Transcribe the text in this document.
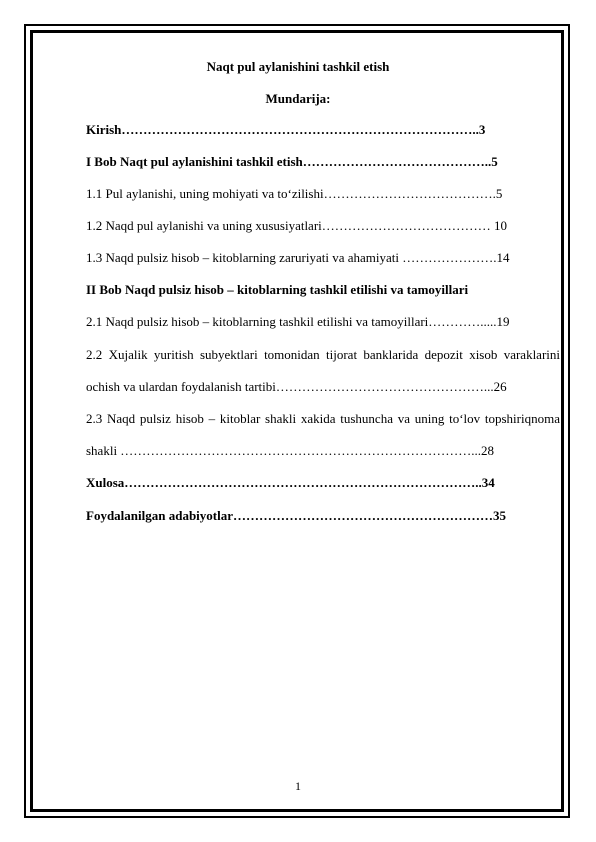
Naqt pul aylanishini tashkil etish
Mundarija:
Kirish………………………………………………………………………..3
I Bob Naqt pul aylanishini tashkil etish……………………………………..5
1.1 Pul aylanishi, uning mohiyati va to‘zilishi………………………………….5
1.2 Naqd pul aylanishi va uning xususiyatlari………………………………… 10
1.3 Naqd pulsiz hisob – kitoblarning zaruriyati va ahamiyati ………………….14
II Bob Naqd pulsiz hisob – kitoblarning tashkil etilishi va tamoyillari
2.1 Naqd pulsiz hisob – kitoblarning tashkil etilishi va tamoyillari………….....19
2.2 Xujalik yuritish subyektlari tomonidan tijorat banklarida depozit xisob varaklarini
ochish va ulardan foydalanish tartibi…………………………………………...26
2.3 Naqd pulsiz hisob – kitoblar shakli xakida tushuncha va uning to‘lov topshiriqnoma
shakli ………………………………………………………………………...28
Xulosa………………………………………………………………………..34
Foydalanilgan adabiyotlar……………………………………………………35
1
